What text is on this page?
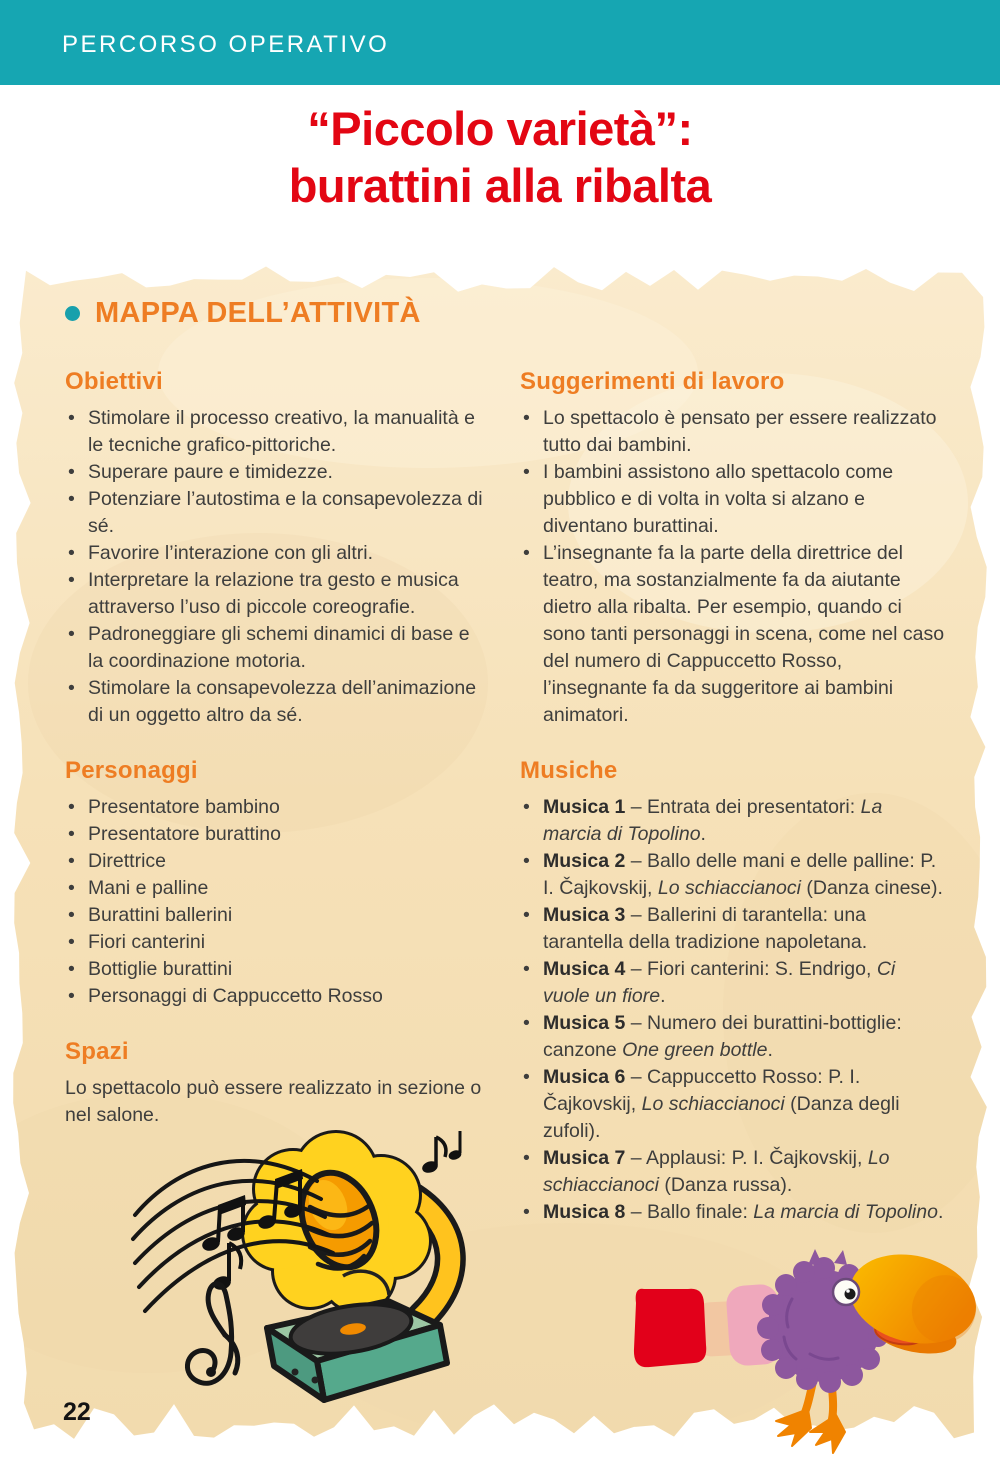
PERCORSO OPERATIVO
“Piccolo varietà”:
burattini alla ribalta
MAPPA DELL’ATTIVITÀ
Obiettivi
• Stimolare il processo creativo, la manualità e le tecniche grafico-pittoriche.
• Superare paure e timidezze.
• Potenziare l’autostima e la consapevolezza di sé.
• Favorire l’interazione con gli altri.
• Interpretare la relazione tra gesto e musica attraverso l’uso di piccole coreografie.
• Padroneggiare gli schemi dinamici di base e la coordinazione motoria.
• Stimolare la consapevolezza dell’animazione di un oggetto altro da sé.
Personaggi
• Presentatore bambino
• Presentatore burattino
• Direttrice
• Mani e palline
• Burattini ballerini
• Fiori canterini
• Bottiglie burattini
• Personaggi di Cappuccetto Rosso
Spazi

Lo spettacolo può essere realizzato in sezione o nel salone.

Suggerimenti di lavoro
• Lo spettacolo è pensato per essere realizzato tutto dai bambini.
• I bambini assistono allo spettacolo come pubblico e di volta in volta si alzano e diventano burattinai.
• L’insegnante fa la parte della direttrice del teatro, ma sostanzialmente fa da aiutante dietro alla ribalta. Per esempio, quando ci sono tanti personaggi in scena, come nel caso del numero di Cappuccetto Rosso, l’insegnante fa da suggeritore ai bambini animatori.
Musiche
• Musica 1 – Entrata dei presentatori: La marcia di Topolino.
• Musica 2 – Ballo delle mani e delle palline: P. I. Čajkovskij, Lo schiaccianoci (Danza cinese).
• Musica 3 – Ballerini di tarantella: una tarantella della tradizione napoletana.
• Musica 4 – Fiori canterini: S. Endrigo, Ci vuole un fiore.
• Musica 5 – Numero dei burattini-bottiglie: canzone One green bottle.
• Musica 6 – Cappuccetto Rosso: P. I. Čajkovskij, Lo schiaccianoci (Danza degli zufoli).
• Musica 7 – Applausi: P. I. Čajkovskij, Lo schiaccianoci (Danza russa).
• Musica 8 – Ballo finale: La marcia di Topolino.
22
